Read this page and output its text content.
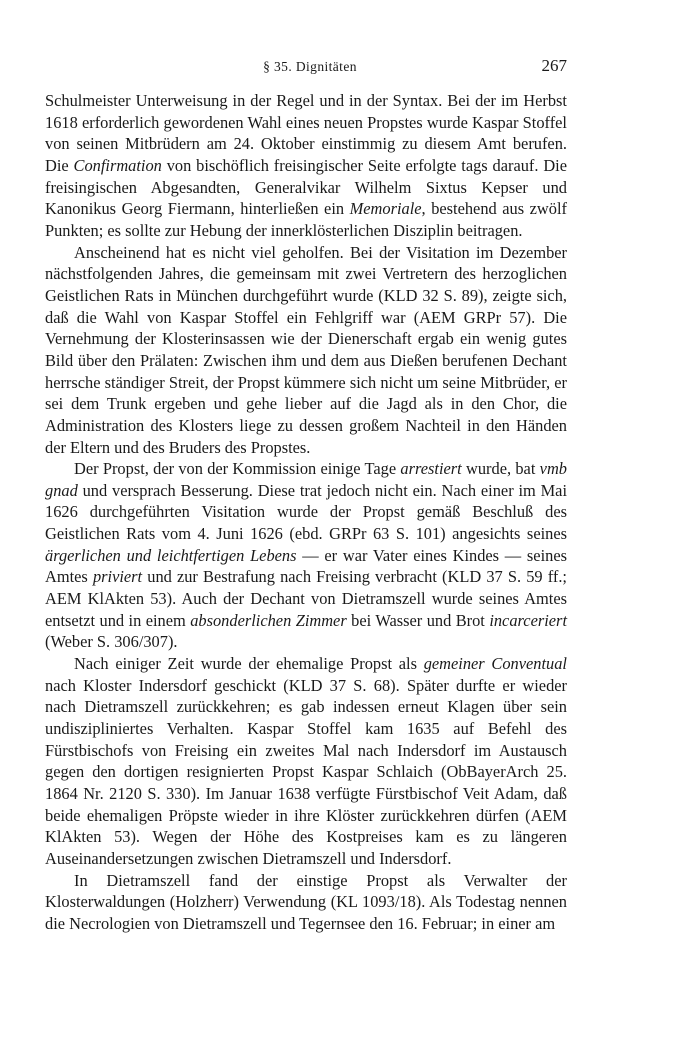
§ 35. Dignitäten	267

Schulmeister Unterweisung in der Regel und in der Syntax. Bei der im Herbst 1618 erforderlich gewordenen Wahl eines neuen Propstes wurde Kaspar Stoffel von seinen Mitbrüdern am 24. Oktober einstimmig zu diesem Amt berufen. Die Confirmation von bischöflich freisingischer Seite erfolgte tags darauf. Die freisingischen Abgesandten, Generalvikar Wilhelm Sixtus Kepser und Kanonikus Georg Fiermann, hinterließen ein Memoriale, bestehend aus zwölf Punkten; es sollte zur Hebung der innerklösterlichen Disziplin beitragen.

Anscheinend hat es nicht viel geholfen. Bei der Visitation im Dezember nächstfolgenden Jahres, die gemeinsam mit zwei Vertretern des herzoglichen Geistlichen Rats in München durchgeführt wurde (KLD 32 S. 89), zeigte sich, daß die Wahl von Kaspar Stoffel ein Fehlgriff war (AEM GRPr 57). Die Vernehmung der Klosterinsassen wie der Dienerschaft ergab ein wenig gutes Bild über den Prälaten: Zwischen ihm und dem aus Dießen berufenen Dechant herrsche ständiger Streit, der Propst kümmere sich nicht um seine Mitbrüder, er sei dem Trunk ergeben und gehe lieber auf die Jagd als in den Chor, die Administration des Klosters liege zu dessen großem Nachteil in den Händen der Eltern und des Bruders des Propstes.

Der Propst, der von der Kommission einige Tage arrestiert wurde, bat vmb gnad und versprach Besserung. Diese trat jedoch nicht ein. Nach einer im Mai 1626 durchgeführten Visitation wurde der Propst gemäß Beschluß des Geistlichen Rats vom 4. Juni 1626 (ebd. GRPr 63 S. 101) angesichts seines ärgerlichen und leichtfertigen Lebens — er war Vater eines Kindes — seines Amtes priviert und zur Bestrafung nach Freising verbracht (KLD 37 S. 59 ff.; AEM KlAkten 53). Auch der Dechant von Dietramszell wurde seines Amtes entsetzt und in einem absonderlichen Zimmer bei Wasser und Brot incarceriert (Weber S. 306/307).

Nach einiger Zeit wurde der ehemalige Propst als gemeiner Conventual nach Kloster Indersdorf geschickt (KLD 37 S. 68). Später durfte er wieder nach Dietramszell zurückkehren; es gab indessen erneut Klagen über sein undiszipliniertes Verhalten. Kaspar Stoffel kam 1635 auf Befehl des Fürstbischofs von Freising ein zweites Mal nach Indersdorf im Austausch gegen den dortigen resignierten Propst Kaspar Schlaich (ObBayerArch 25. 1864 Nr. 2120 S. 330). Im Januar 1638 verfügte Fürstbischof Veit Adam, daß beide ehemaligen Pröpste wieder in ihre Klöster zurückkehren dürfen (AEM KlAkten 53). Wegen der Höhe des Kostpreises kam es zu längeren Auseinandersetzungen zwischen Dietramszell und Indersdorf.

In Dietramszell fand der einstige Propst als Verwalter der Klosterwaldungen (Holzherr) Verwendung (KL 1093/18). Als Todestag nennen die Necrologien von Dietramszell und Tegernsee den 16. Februar; in einer am
